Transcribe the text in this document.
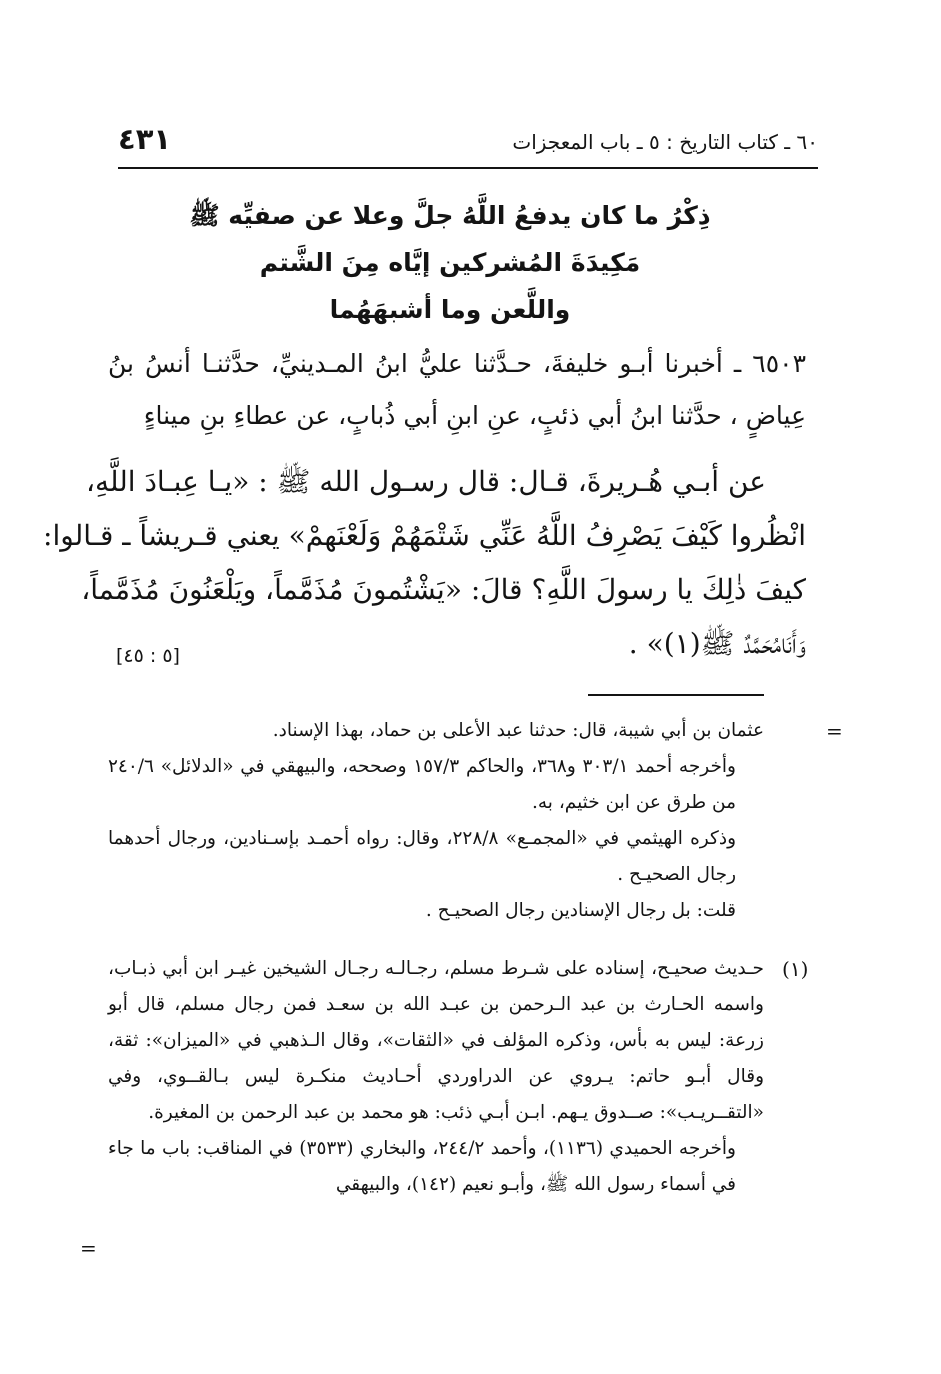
٦٠ ـ كتاب التاريخ : ٥ ـ باب المعجزات
٤٣١
ذِكْرُ ما كان يدفعُ اللَّهُ جلَّ وعلا عن صفيِّه ﷺ
مَكِيدَةَ المُشركين إيَّاه مِنَ الشَّتم
واللَّعن وما أشبهَهُما
٦٥٠٣ ـ أخبرنا أبـو خليفةَ، حـدَّثنا عليُّ ابنُ المـدينيِّ، حدَّثنـا أنسُ بنُ عِياضٍ ، حدَّثنا ابنُ أبي ذئبٍ، عنِ ابنِ أبي ذُبابٍ، عن عطاءِ بنِ ميناءٍ
عن أبـي هُـريرةَ، قـال: قال رسـول الله ﷺ : «يـا عِبـادَ اللَّهِ،
انْظُروا كَيْفَ يَصْرِفُ اللَّهُ عَنِّي شَتْمَهُمْ وَلَعْنَهمْ» يعني قـريشاً ـ قـالوا:
كيفَ ذٰلِكَ يا رسولَ اللَّهِ؟ قالَ: «يَشْتُمونَ مُذَمَّماً، ويَلْعَنُونَ مُذَمَّماً،
وَأَنَامُحَمَّدٌ ﷺ(١)» .
[٥ : ٤٥]
=
عثمان بن أبي شيبة، قال: حدثنا عبد الأعلى بن حماد، بهذا الإسناد.
وأخرجه أحمد ٣٠٣/١ و٣٦٨، والحاكم ١٥٧/٣ وصححه، والبيهقي في «الدلائل» ٢٤٠/٦ من طرق عن ابن خثيم، به.
وذكره الهيثمي في «المجمـع» ٢٢٨/٨، وقال: رواه أحمـد بإسـنادين، ورجال أحدهما رجال الصحيـح .
قلت: بل رجال الإسنادين رجال الصحيـح .
(١)
حـديث صحيـح، إسناده على شـرط مسلم، رجـالـه رجـال الشيخين غيـر ابن أبي ذبـاب، واسمه الحـارث بن عبد الـرحمن بن عبـد الله بن سعـد فمن رجال مسلم، قال أبو زرعة: ليس به بأس، وذكره المؤلف في «الثقات»، وقال الـذهبي في «الميزان»: ثقة، وقال أبـو حاتم: يـروي عن الدراوردي أحـاديث منكـرة ليس بـالقــوي، وفي «التقــريـب»: صــدوق يـهم. ابـن أبـي ذئب: هو محمد بن عبد الرحمن بن المغيرة.
وأخرجه الحميدي (١١٣٦)، وأحمد ٢٤٤/٢، والبخاري (٣٥٣٣) في المناقب: باب ما جاء في أسماء رسول الله ﷺ، وأبـو نعيم (١٤٢)، والبيهقي
=
